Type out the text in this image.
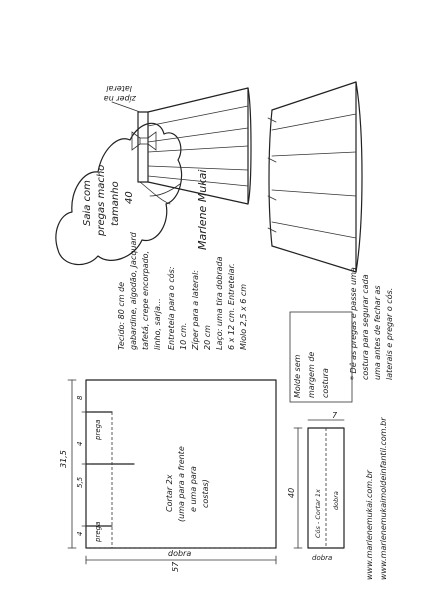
Saia com pregas macho tamanho 40	Marlene Mukai
zíper na
lateral
* Dê as pregas e passe uma costura para segurar cada uma antes de fechar as laterais e pregar o cós.
Tecido: 80 cm de gabardine, algodão, Jacquard tafetá, crepe encorpado, linho, sarja... Entretela para o cós: 10 cm. Zíper para a lateral: 20 cm Laço: uma tira dobrada 6 x 12 cm. Entretelar. Miolo 2,5 x 6 cm
Molde sem margem de costura
www.marlenemukai.com.br www.marlenemukaimoldeinfantil.com.br
31,5
8
5,5
4
4
prega
prega
57
dobra
Cortar 2x (uma para a frente e uma para costas)	40
7
Cós - Cortar 1x dobra
dobra
